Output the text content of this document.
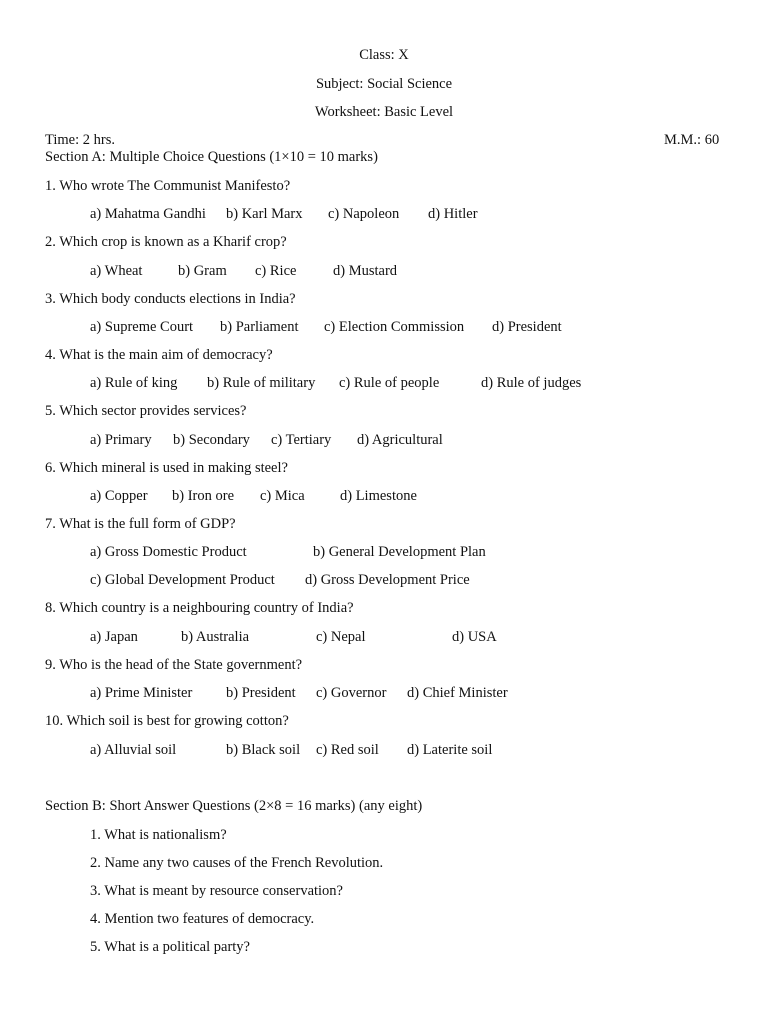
Class: X
Subject: Social Science
Worksheet: Basic Level
Time: 2 hrs.	M.M.: 60
Section A: Multiple Choice Questions (1×10 = 10 marks)
1. Who wrote The Communist Manifesto?
a) Mahatma Gandhi b) Karl Marx c) Napoleon d) Hitler
2. Which crop is known as a Kharif crop?
a) Wheat b) Gram c) Rice	d) Mustard
3. Which body conducts elections in India?
a) Supreme Court b) Parliament c) Election Commission d) President
4. What is the main aim of democracy?
a) Rule of king b) Rule of military c) Rule of people	d) Rule of judges
5. Which sector provides services?
a) Primary b) Secondary c) Tertiary d) Agricultural
6. Which mineral is used in making steel?
a) Copper b) Iron ore c) Mica d) Limestone
7. What is the full form of GDP?
a) Gross Domestic Product	b) General Development Plan
c) Global Development Product d) Gross Development Price
8. Which country is a neighbouring country of India?
a) Japan	b) Australia	c) Nepal	d) USA
9. Who is the head of the State government?
a) Prime Minister b) President c) Governor d) Chief Minister
10. Which soil is best for growing cotton?
a) Alluvial soil	b) Black soil c) Red soil d) Laterite soil
Section B: Short Answer Questions (2×8 = 16 marks) (any eight)
1. What is nationalism?
2. Name any two causes of the French Revolution.
3. What is meant by resource conservation?
4. Mention two features of democracy.
5. What is a political party?
